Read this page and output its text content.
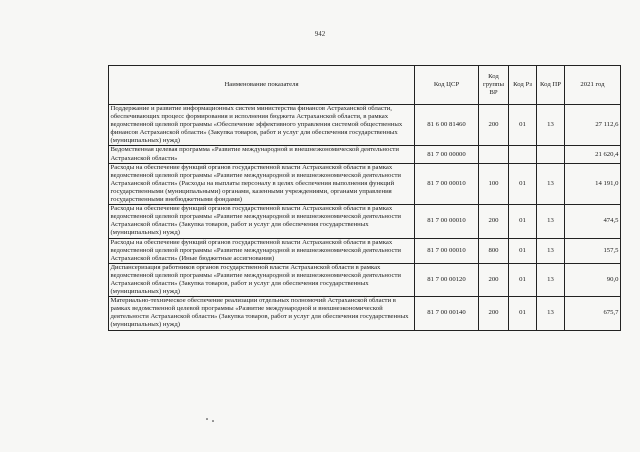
942
Наименование показателя	Код ЦСР	Код группы ВР	Код Рз	Код ПР	2021 год
Поддержание и развитие информационных систем министерства финансов Астраханской области, обеспечивающих процесс формирования и исполнения бюджета Астраханской области, в рамках ведомственной целевой программы «Обеспечение эффективного управления системой общественных финансов Астраханской области» (Закупка товаров, работ и услуг для обеспечения государственных (муниципальных) нужд)	81 6 00 81460	200	01	13	27 112,6
Ведомственная целевая программа «Развитие международной и внешнеэкономической деятельности Астраханской области»	81 7 00 00000				21 620,4
Расходы на обеспечение функций органов государственной власти Астраханской области в рамках ведомственной целевой программы «Развитие международной и внешнеэкономической деятельности Астраханской области» (Расходы на выплаты персоналу в целях обеспечения выполнения функций государственными (муниципальными) органами, казенными учреждениями, органами управления государственными внебюджетными фондами)	81 7 00 00010	100	01	13	14 191,0
Расходы на обеспечение функций органов государственной власти Астраханской области в рамках ведомственной целевой программы «Развитие международной и внешнеэкономической деятельности Астраханской области» (Закупка товаров, работ и услуг для обеспечения государственных (муниципальных) нужд)	81 7 00 00010	200	01	13	474,5
Расходы на обеспечение функций органов государственной власти Астраханской области в рамках ведомственной целевой программы «Развитие международной и внешнеэкономической деятельности Астраханской области» (Иные бюджетные ассигнования)	81 7 00 00010	800	01	13	157,5
Диспансеризация работников органов государственной власти Астраханской области в рамках ведомственной целевой программы «Развитие международной и внешнеэкономической деятельности Астраханской области» (Закупка товаров, работ и услуг для обеспечения государственных (муниципальных) нужд)	81 7 00 00120	200	01	13	90,0
Материально-техническое обеспечение реализации отдельных полномочий Астраханской области в рамках ведомственной целевой программы «Развитие международной и внешнеэкономической деятельности Астраханской области» (Закупка товаров, работ и услуг для обеспечения государственных (муниципальных) нужд)	81 7 00 00140	200	01	13	675,7
